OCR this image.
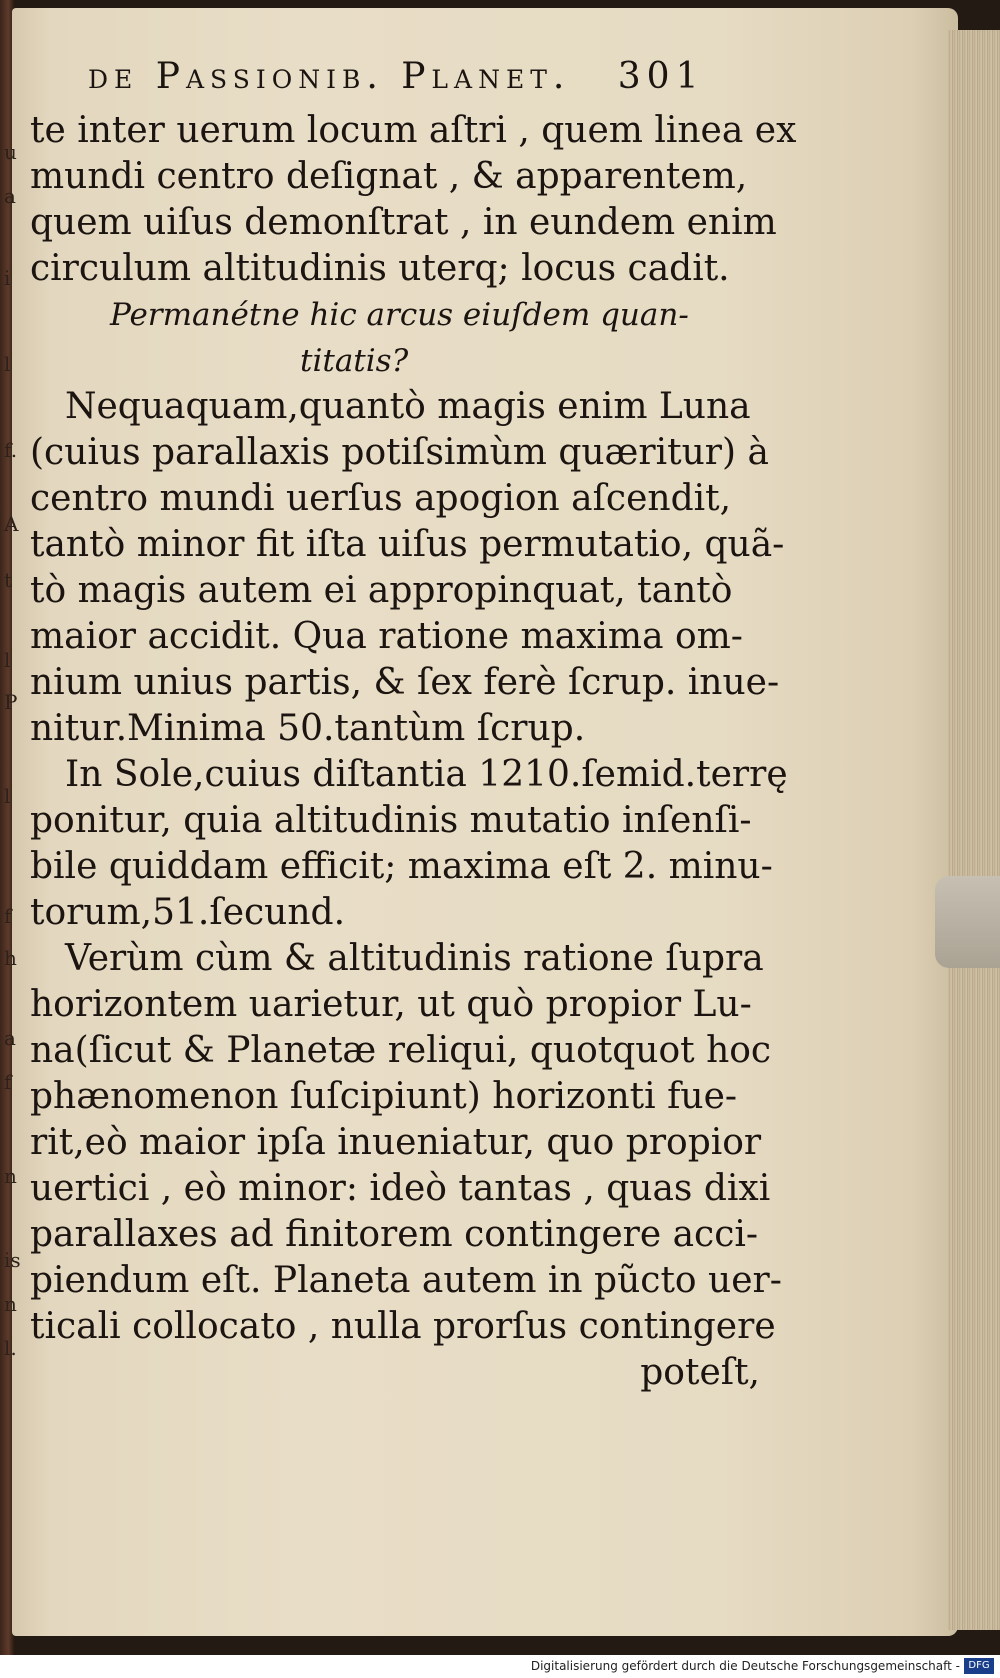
u
a
i
l
f.
A
t
l
P
l
f
h
a
f
n
is
n
l.
de Passionib. Planet. 301
te inter uerum locum aſtri , quem linea ex
mundi centro deſignat , & apparentem,
quem uiſus demonſtrat , in eundem enim
circulum altitudinis uterq; locus cadit.
Permanétne hic arcus eiuſdem quan-
titatis?
Nequaquam,quantò magis enim Luna
(cuius parallaxis potiſsimùm quæritur) à
centro mundi uerſus apogion aſcendit,
tantò minor fit iſta uiſus permutatio, quã-
tò magis autem ei appropinquat, tantò
maior accidit. Qua ratione maxima om-
nium unius partis, & ſex ferè ſcrup. inue-
nitur.Minima 50.tantùm ſcrup.
In Sole,cuius diſtantia 1210.ſemid.terrę
ponitur, quia altitudinis mutatio inſenſi-
bile quiddam efficit; maxima eſt 2. minu-
torum,51.ſecund.
Verùm cùm & altitudinis ratione ſupra
horizontem uarietur, ut quò propior Lu-
na(ſicut & Planetæ reliqui, quotquot hoc
phænomenon ſuſcipiunt) horizonti fue-
rit,eò maior ipſa inueniatur, quo propior
uertici , eò minor: ideò tantas , quas dixi
parallaxes ad finitorem contingere acci-
piendum eſt. Planeta autem in pũcto uer-
ticali collocato , nulla prorſus contingere
poteſt,
Digitalisierung gefördert durch die Deutsche Forschungsgemeinschaft - DFG
